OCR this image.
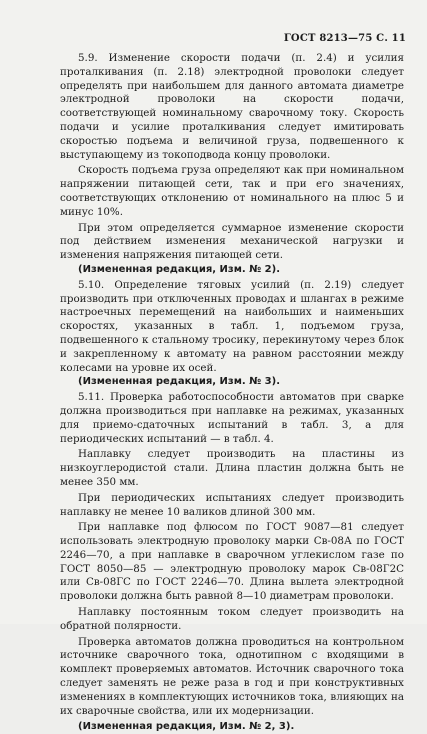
ГОСТ 8213—75 С. 11

5.9. Изменение скорости подачи (п. 2.4) и усилия проталкивания (п. 2.18) электродной проволоки следует определять при наибольшем для данного автомата диаметре электродной проволоки на скорости подачи, соответствующей номинальному сварочному току. Скорость подачи и усилие проталкивания следует имитировать скоростью подъема и величиной груза, подвешенного к выступающему из токоподвода концу проволоки.

Скорость подъема груза определяют как при номинальном напряжении питающей сети, так и при его значениях, соответствующих отклонению от номинального на плюс 5 и минус 10%.

При этом определяется суммарное изменение скорости под действием изменения механической нагрузки и изменения напряжения питающей сети.

(Измененная редакция, Изм. № 2).

5.10. Определение тяговых усилий (п. 2.19) следует производить при отключенных проводах и шлангах в режиме настроечных перемещений на наибольших и наименьших скоростях, указанных в табл. 1, подъемом груза, подвешенного к стальному тросику, перекинутому через блок и закрепленному к автомату на равном расстоянии между колесами на уровне их осей.

(Измененная редакция, Изм. № 3).

5.11. Проверка работоспособности автоматов при сварке должна производиться при наплавке на режимах, указанных для приемо-сдаточных испытаний в табл. 3, а для периодических испытаний — в табл. 4.

Наплавку следует производить на пластины из низкоуглеродистой стали. Длина пластин должна быть не менее 350 мм.

При периодических испытаниях следует производить наплавку не менее 10 валиков длиной 300 мм.

При наплавке под флюсом по ГОСТ 9087—81 следует использовать электродную проволоку марки Св-08А по ГОСТ 2246—70, а при наплавке в сварочном углекислом газе по ГОСТ 8050—85 — электродную проволоку марок Св-08Г2С или Св-08ГС по ГОСТ 2246—70. Длина вылета электродной проволоки должна быть равной 8—10 диаметрам проволоки.

Наплавку постоянным током следует производить на обратной полярности.

Проверка автоматов должна проводиться на контрольном источнике сварочного тока, однотипном с входящими в комплект проверяемых автоматов. Источник сварочного тока следует заменять не реже раза в год и при конструктивных изменениях в комплектующих источников тока, влияющих на их сварочные свойства, или их модернизации.

(Измененная редакция, Изм. № 2, 3).
